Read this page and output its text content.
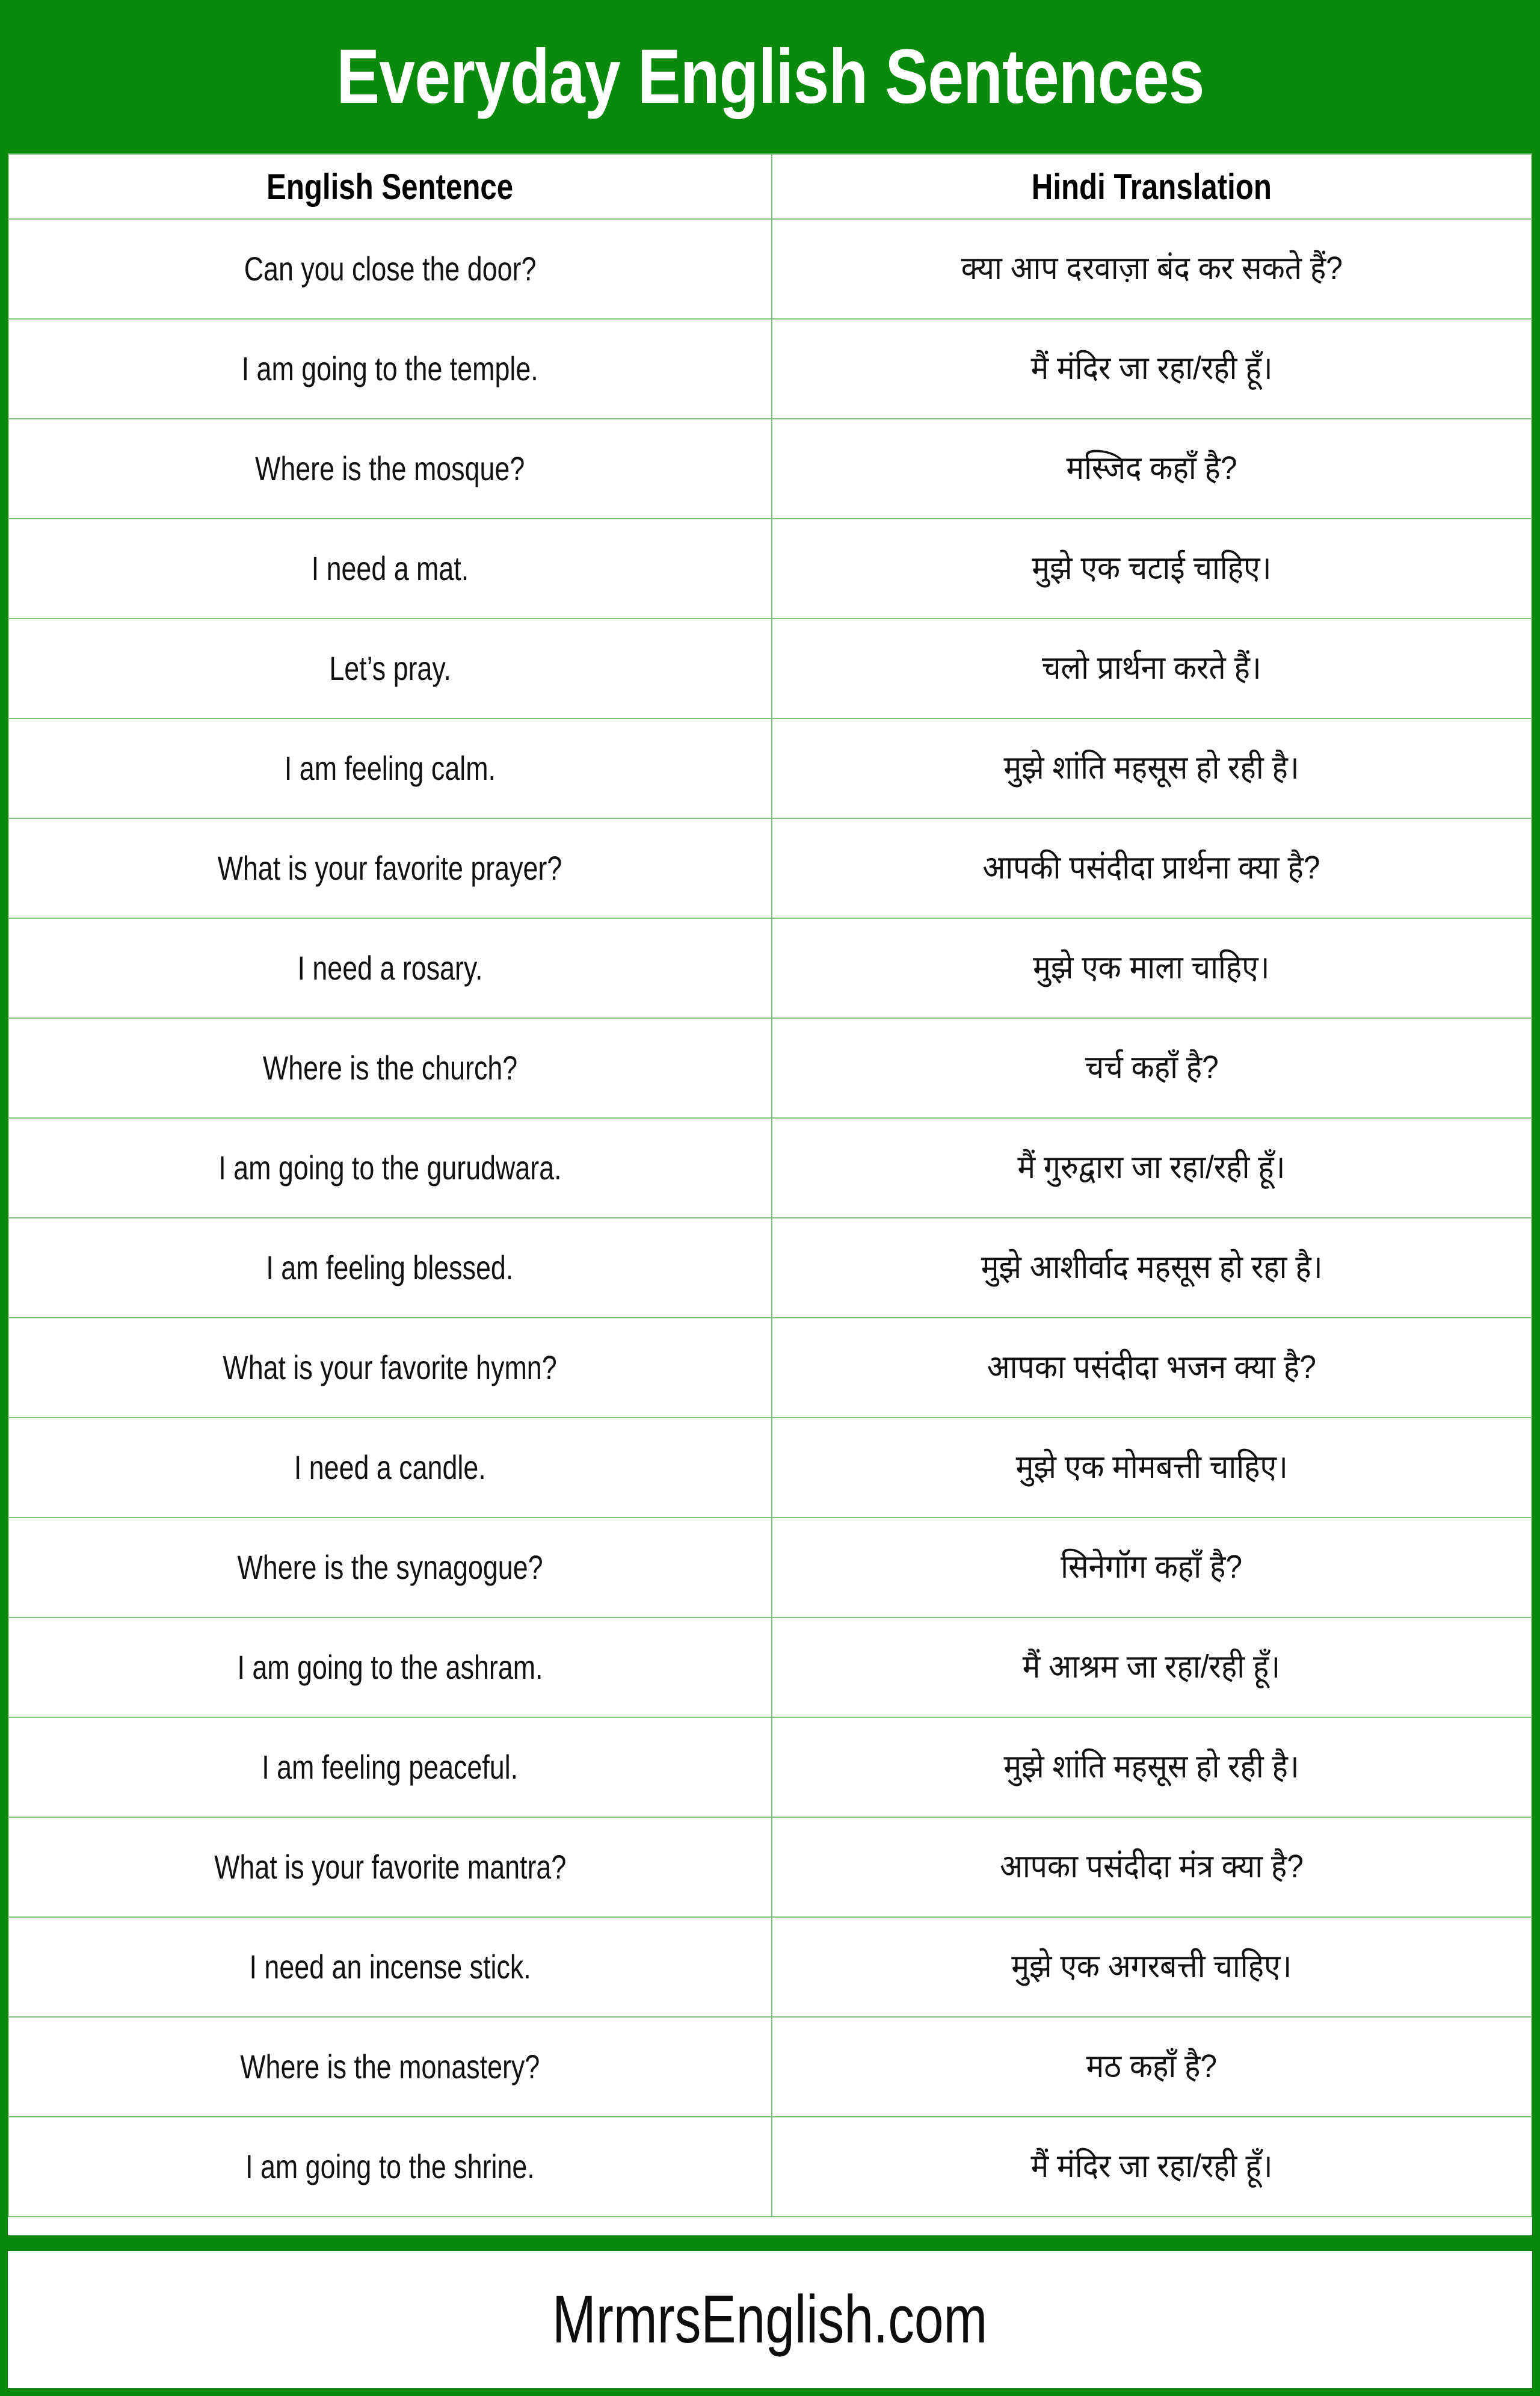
Everyday English Sentences
English Sentence	Hindi Translation
Can you close the door?	क्या आप दरवाज़ा बंद कर सकते हैं?
I am going to the temple.	मैं मंदिर जा रहा/रही हूँ।
Where is the mosque?	मस्जिद कहाँ है?
I need a mat.	मुझे एक चटाई चाहिए।
Let’s pray.	चलो प्रार्थना करते हैं।
I am feeling calm.	मुझे शांति महसूस हो रही है।
What is your favorite prayer?	आपकी पसंदीदा प्रार्थना क्या है?
I need a rosary.	मुझे एक माला चाहिए।
Where is the church?	चर्च कहाँ है?
I am going to the gurudwara.	मैं गुरुद्वारा जा रहा/रही हूँ।
I am feeling blessed.	मुझे आशीर्वाद महसूस हो रहा है।
What is your favorite hymn?	आपका पसंदीदा भजन क्या है?
I need a candle.	मुझे एक मोमबत्ती चाहिए।
Where is the synagogue?	सिनेगॉग कहाँ है?
I am going to the ashram.	मैं आश्रम जा रहा/रही हूँ।
I am feeling peaceful.	मुझे शांति महसूस हो रही है।
What is your favorite mantra?	आपका पसंदीदा मंत्र क्या है?
I need an incense stick.	मुझे एक अगरबत्ती चाहिए।
Where is the monastery?	मठ कहाँ है?
I am going to the shrine.	मैं मंदिर जा रहा/रही हूँ।
MrmrsEnglish.com
